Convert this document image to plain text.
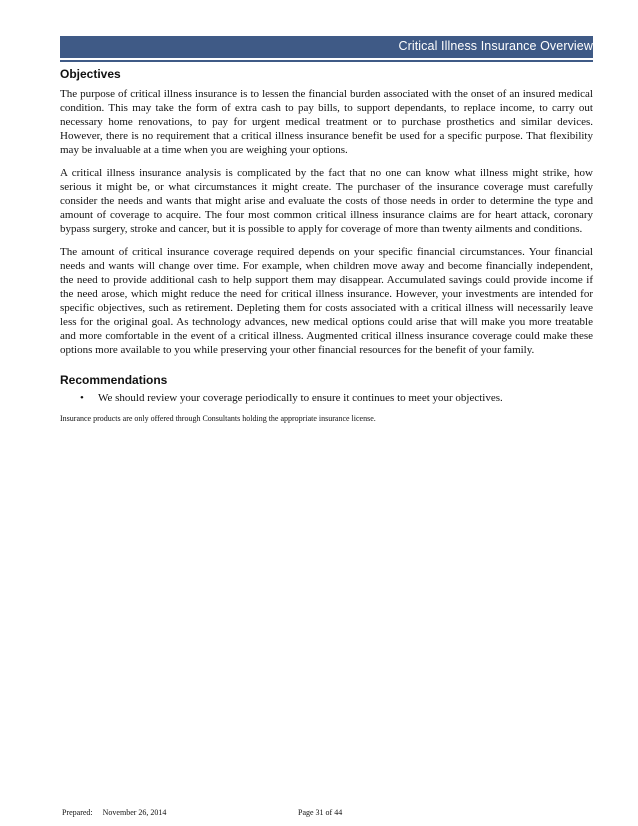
Critical Illness Insurance Overview
Objectives

The purpose of critical illness insurance is to lessen the financial burden associated with the onset of an insured medical condition. This may take the form of extra cash to pay bills, to support dependants, to replace income, to carry out necessary home renovations, to pay for urgent medical treatment or to purchase prosthetics and similar devices. However, there is no requirement that a critical illness insurance benefit be used for a specific purpose. That flexibility may be invaluable at a time when you are weighing your options.

A critical illness insurance analysis is complicated by the fact that no one can know what illness might strike, how serious it might be, or what circumstances it might create. The purchaser of the insurance coverage must carefully consider the needs and wants that might arise and evaluate the costs of those needs in order to determine the type and amount of coverage to acquire. The four most common critical illness insurance claims are for heart attack, coronary bypass surgery, stroke and cancer, but it is possible to apply for coverage of more than twenty ailments and conditions.

The amount of critical insurance coverage required depends on your specific financial circumstances. Your financial needs and wants will change over time. For example, when children move away and become financially independent, the need to provide additional cash to help support them may disappear. Accumulated savings could provide income if the need arose, which might reduce the need for critical illness insurance. However, your investments are intended for specific objectives, such as retirement. Depleting them for costs associated with a critical illness will necessarily leave less for the original goal. As technology advances, new medical options could arise that will make you more treatable and more comfortable in the event of a critical illness. Augmented critical illness insurance coverage could make these options more available to you while preserving your other financial resources for the benefit of your family.

Recommendations
• We should review your coverage periodically to ensure it continues to meet your objectives.
Insurance products are only offered through Consultants holding the appropriate insurance license.
Prepared: November 26, 2014	Page 31 of 44
